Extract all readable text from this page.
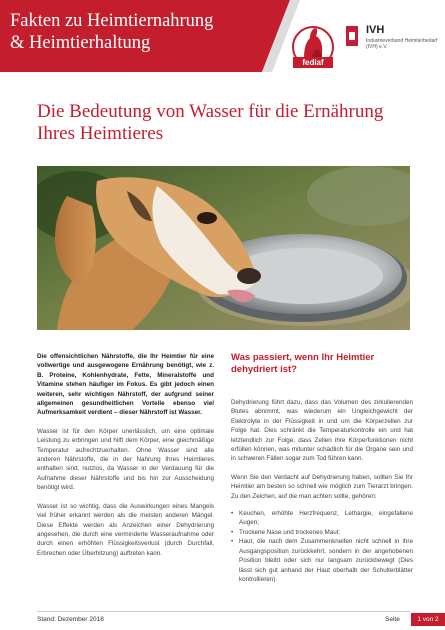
Fakten zu Heimtiernahrung
& Heimtierhaltung
fediaf
IVH
Industrieverband Heimtierbedarf (IVH) e.V.
Die Bedeutung von Wasser für die Ernährung
Ihres Heimtieres

Die offensichtlichen Nährstoffe, die Ihr Heimtier für eine vollwertige und ausgewogene Ernährung benötigt, wie z. B. Proteine, Kohlenhydrate, Fette, Mineralstoffe und Vitamine stehen häufiger im Fokus. Es gibt jedoch einen weiteren, sehr wichtigen Nährstoff, der aufgrund seiner allgemeinen gesundheitlichen Vorteile ebenso viel Aufmerksamkeit verdient – dieser Nährstoff ist Wasser.

Wasser ist für den Körper unerlässlich, um eine optimale Leistung zu erbringen und hilft dem Körper, eine gleichmäßige Temperatur aufrechtzuerhalten. Ohne Wasser sind alle anderen Nährstoffe, die in der Nahrung Ihres Heimtieres enthalten sind, nutzlos, da Wasser in der Verdauung für die Aufnahme dieser Nährstoffe und bis hin zur Ausscheidung benötigt wird.

Wasser ist so wichtig, dass die Auswirkungen eines Mangels viel früher erkannt werden als die meisten anderen Mängel. Diese Effekte werden als Anzeichen einer Dehydrierung angesehen, die durch eine verminderte Wasseraufnahme oder durch einen erhöhten Flüssigkeitsverlust (durch Durchfall, Erbrechen oder Überhitzung) auftreten kann.

Was passiert, wenn Ihr Heimtier dehydriert ist?

Dehydrierung führt dazu, dass das Volumen des zirkulierenden Blutes abnimmt, was wiederum ein Ungleichgewicht der Elektrolyte in der Flüssigkeit in und um die Körperzellen zur Folge hat. Dies schränkt die Temperaturkontrolle ein und hat letztendlich zur Folge, dass Zellen ihre Körperfunktionen nicht erfüllen können, was mitunter schädlich für die Organe sein und in schweren Fällen sogar zum Tod führen kann.

Wenn Sie den Verdacht auf Dehydrierung haben, sollten Sie Ihr Heimtier am besten so schnell wie möglich zum Tierarzt bringen. Zu den Zeichen, auf die man achten sollte, gehören:

• Keuchen, erhöhte Herzfrequenz, Lethargie, eingefallene Augen;
• Trockene Nase und trockenes Maul;
• Haut, die nach dem Zusammenkneifen nicht schnell in ihre Ausgangsposition zurückkehrt, sondern in der angehobenen Position bleibt oder sich nur langsam zurückbewegt (Dies lässt sich gut anhand der Haut oberhalb der Schulterblätter kontrollieren).
Stand: Dezember 2018	Seite	1 von 2
